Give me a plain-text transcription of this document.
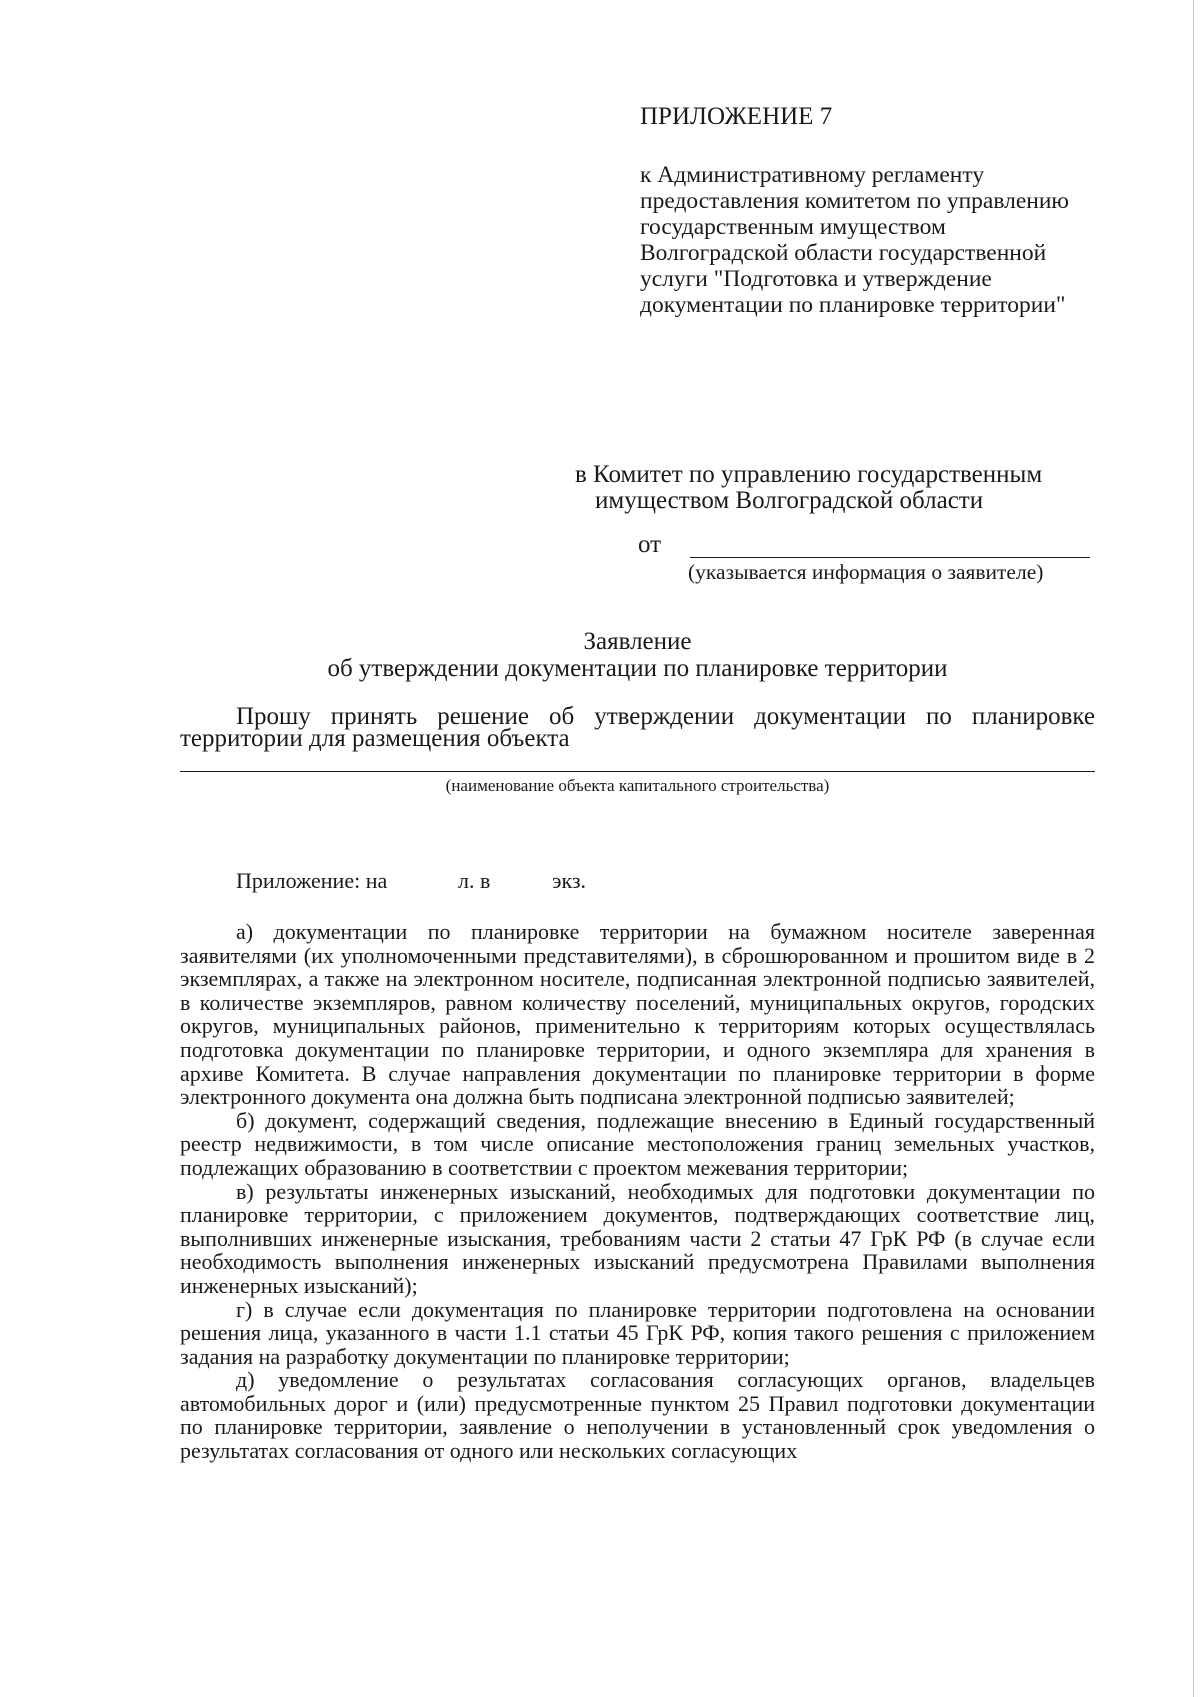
ПРИЛОЖЕНИЕ 7
к Административному регламенту
предоставления комитетом по управлению
государственным имуществом
Волгоградской области государственной
услуги "Подготовка и утверждение
документации по планировке территории"
в Комитет по управлению государственным
имуществом Волгоградской области
от
(указывается информация о заявителе)
Заявление
об утверждении документации по планировке территории
Прошу принять решение об утверждении документации по планировке
территории для размещения объекта
(наименование объекта капитального строительства)
Приложение: на	л. в	экз.

а) документации по планировке территории на бумажном носителе заверенная заявителями (их уполномоченными представителями), в сброшюрованном и прошитом виде в 2 экземплярах, а также на электронном носителе, подписанная электронной подписью заявителей, в количестве экземпляров, равном количеству поселений, муниципальных округов, городских округов, муниципальных районов, применительно к территориям которых осуществлялась подготовка документации по планировке территории, и одного экземпляра для хранения в архиве Комитета. В случае направления документации по планировке территории в форме электронного документа она должна быть подписана электронной подписью заявителей;

б) документ, содержащий сведения, подлежащие внесению в Единый государственный реестр недвижимости, в том числе описание местоположения границ земельных участков, подлежащих образованию в соответствии с проектом межевания территории;

в) результаты инженерных изысканий, необходимых для подготовки документации по планировке территории, с приложением документов, подтверждающих соответствие лиц, выполнивших инженерные изыскания, требованиям части 2 статьи 47 ГрК РФ (в случае если необходимость выполнения инженерных изысканий предусмотрена Правилами выполнения инженерных изысканий);

г) в случае если документация по планировке территории подготовлена на основании решения лица, указанного в части 1.1 статьи 45 ГрК РФ, копия такого решения с приложением задания на разработку документации по планировке территории;

д) уведомление о результатах согласования согласующих органов, владельцев автомобильных дорог и (или) предусмотренные пунктом 25 Правил подготовки документации по планировке территории, заявление о неполучении в установленный срок уведомления о результатах согласования от одного или нескольких согласующих
